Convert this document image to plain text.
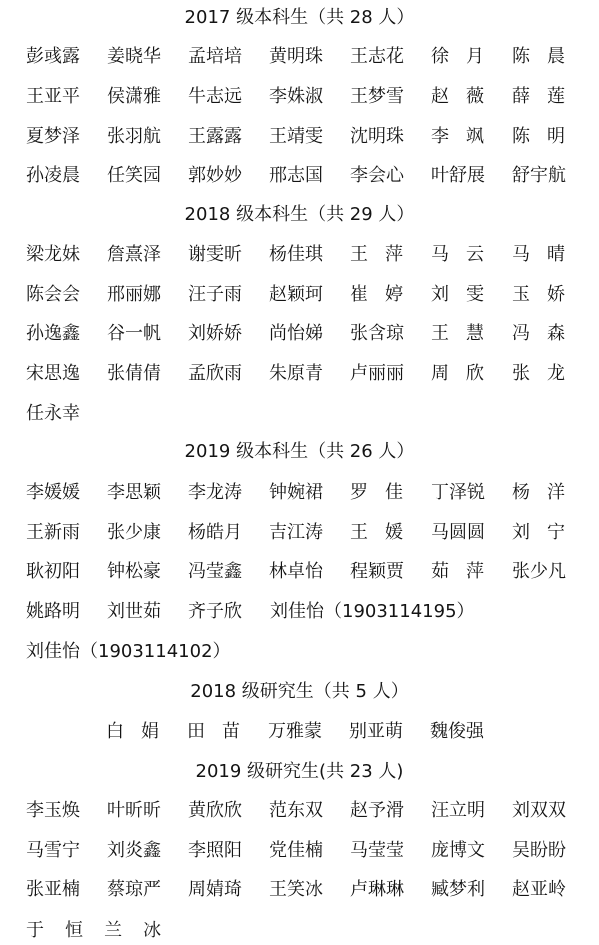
2017 级本科生（共 28 人）
彭彧露 姜晓华 孟培培 黄明珠 王志花 徐 月 陈 晨
王亚平 侯潇雅 牛志远 李姝淑 王梦雪 赵 薇 薛 莲
夏梦泽 张羽航 王露露 王靖雯 沈明珠 李 飒 陈 明
孙凌晨 任笑园 郭妙妙 邢志国 李会心 叶舒展 舒宇航
2018 级本科生（共 29 人）
梁龙妹 詹熹泽 谢雯昕 杨佳琪 王 萍 马 云 马 晴
陈会会 邢丽娜 汪子雨 赵颖珂 崔 婷 刘 雯 玉 娇
孙逸鑫 谷一帆 刘娇娇 尚怡娣 张含琼 王 慧 冯 森
宋思逸 张倩倩 孟欣雨 朱原青 卢丽丽 周 欣 张 龙
任永幸
2019 级本科生（共 26 人）
李媛媛 李思颖 李龙涛 钟婉裙 罗 佳 丁泽锐 杨 洋
王新雨 张少康 杨皓月 吉江涛 王 媛 马圆圆 刘 宁
耿初阳 钟松豪 冯莹鑫 林卓怡 程颖贾 茹 萍 张少凡
姚路明 刘世茹 齐子欣 刘佳怡（1903114195）
刘佳怡（1903114102）
2018 级研究生（共 5 人）
白 娟 田 苗 万雅蒙 别亚萌 魏俊强
2019 级研究生(共 23 人)
李玉焕 叶昕昕 黄欣欣 范东双 赵予滑 汪立明 刘双双
马雪宁 刘炎鑫 李照阳 党佳楠 马莹莹 庞博文 吴盼盼
张亚楠 蔡琼严 周婧琦 王笑冰 卢琳琳 臧梦利 赵亚岭
于 恒 兰 冰
